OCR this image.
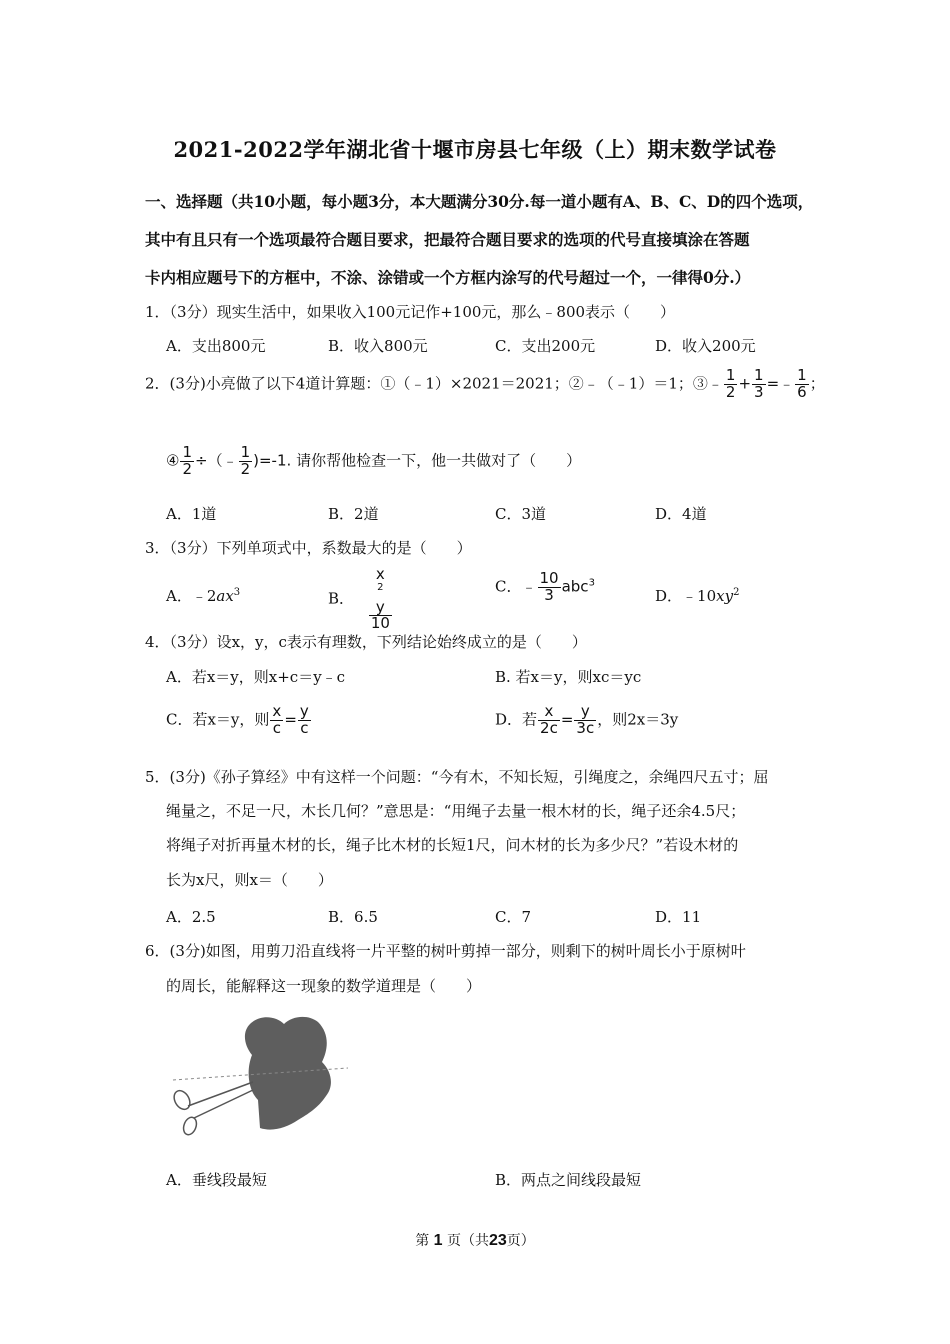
2021-2022学年湖北省十堰市房县七年级（上）期末数学试卷
一、选择题（共10小题，每小题3分，本大题满分30分.每一道小题有A、B、C、D的四个选项，
其中有且只有一个选项最符合题目要求，把最符合题目要求的选项的代号直接填涂在答题
卡内相应题号下的方框中，不涂、涂错或一个方框内涂写的代号超过一个，一律得0分.）
1．（3分）现实生活中，如果收入100元记作+100元，那么﹣800表示（　　）
A．支出800元	B．收入800元	C．支出200元	D．收入200元
2．(3分)小亮做了以下4道计算题：①（﹣1）×2021＝2021；②﹣（﹣1）＝1；③﹣ $\frac{1}{2} + \frac{1}{3}$ =﹣ $\frac{1}{6}$ ；
④ $\frac{1}{2}$ ÷（﹣ $\frac{1}{2} )=-1$. 请你帮他检查一下，他一共做对了（　　）
A．1道	B．2道	C．3道	D．4道
3．（3分）下列单项式中，系数最大的是（　　）
A．$﹣2ax^3$	B． x
$^2$
y
10	C．﹣ $\frac{10}{3} abc^3$
D．$﹣10xy^2$
4．（3分）设x，y，c表示有理数，下列结论始终成立的是（　　）
A．若x＝y，则x+c＝y﹣c	B. 若x＝y，则xc＝yc
C．若x＝y，则 $\frac{x}{c} = \frac{y}{c}$	D．若 $\frac{x}{2c} = \frac{y}{3c}$ ，则2x＝3y
5．(3分)《孙子算经》中有这样一个问题：“今有木，不知长短，引绳度之，余绳四尺五寸；屈
绳量之，不足一尺，木长几何？”意思是：“用绳子去量一根木材的长，绳子还余4.5尺；
将绳子对折再量木材的长，绳子比木材的长短1尺，问木材的长为多少尺？”若设木材的
长为x尺，则x＝（　　）
A．2.5	B．6.5	C．7	D．11
6．(3分)如图，用剪刀沿直线将一片平整的树叶剪掉一部分，则剩下的树叶周长小于原树叶
的周长，能解释这一现象的数学道理是（　　）
A．垂线段最短	B．两点之间线段最短
第 1 页（共23页）
